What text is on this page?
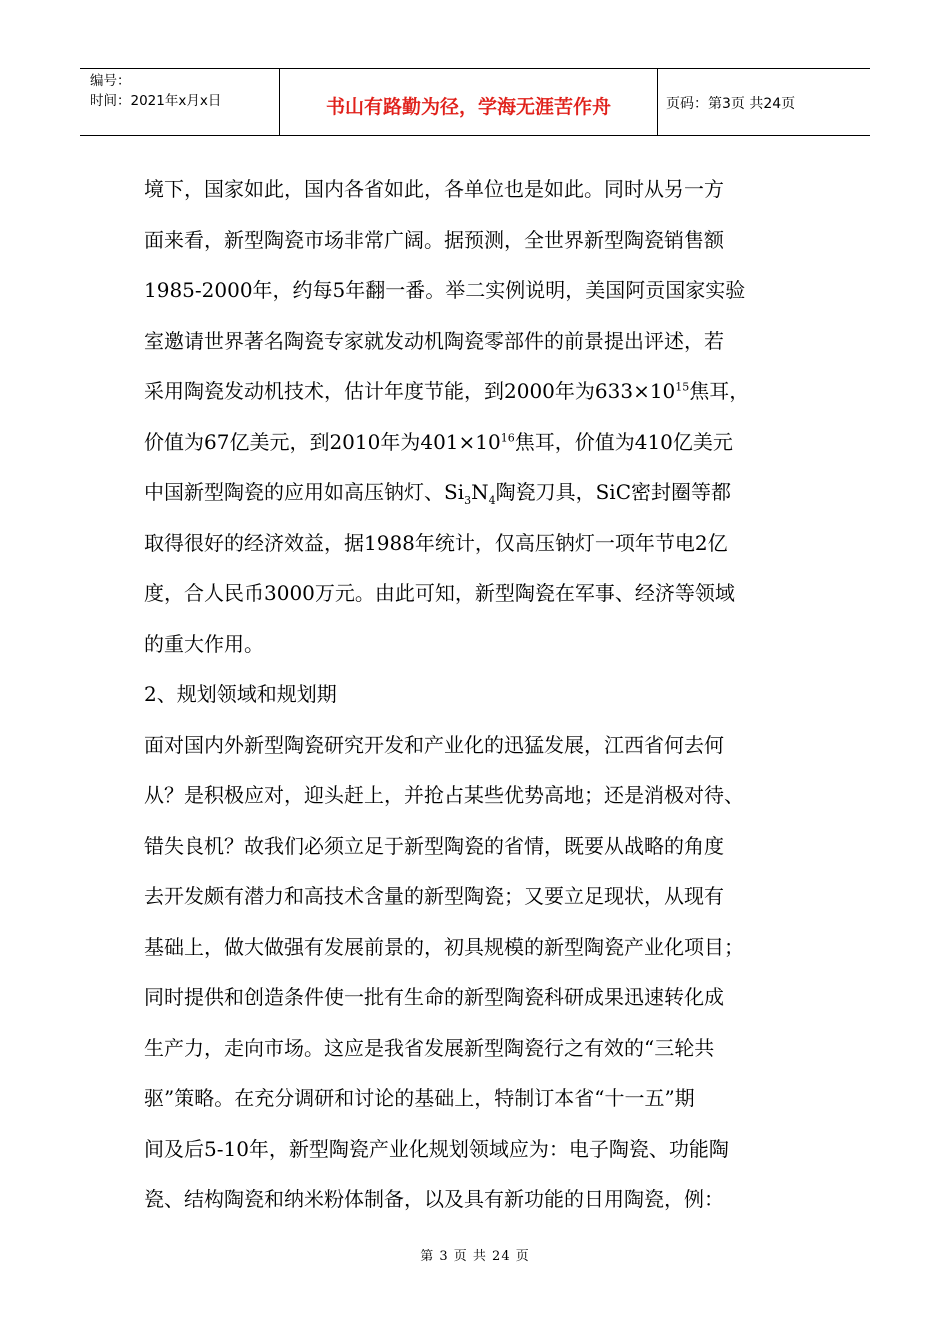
编号：
时间：2021年x月x日	书山有路勤为径，学海无涯苦作舟	页码：第3页 共24页
境下，国家如此，国内各省如此，各单位也是如此。同时从另一方
面来看，新型陶瓷市场非常广阔。据预测，全世界新型陶瓷销售额
1985-2000年，约每5年翻一番。举二实例说明，美国阿贡国家实验
室邀请世界著名陶瓷专家就发动机陶瓷零部件的前景提出评述，若
采用陶瓷发动机技术，估计年度节能，到2000年为$633\times 10^{15}$焦耳，
价值为67亿美元，到2010年为$401\times 10^{16}$焦耳，价值为410亿美元
中国新型陶瓷的应用如高压钠灯、$Si_3N_4$陶瓷刀具，SiC密封圈等都
取得很好的经济效益，据1988年统计，仅高压钠灯一项年节电2亿
度，合人民币3000万元。由此可知，新型陶瓷在军事、经济等领域
的重大作用。
2、规划领域和规划期
面对国内外新型陶瓷研究开发和产业化的迅猛发展，江西省何去何
从？是积极应对，迎头赶上，并抢占某些优势高地；还是消极对待、
错失良机？故我们必须立足于新型陶瓷的省情，既要从战略的角度
去开发颇有潜力和高技术含量的新型陶瓷；又要立足现状，从现有
基础上，做大做强有发展前景的，初具规模的新型陶瓷产业化项目；
同时提供和创造条件使一批有生命的新型陶瓷科研成果迅速转化成
生产力，走向市场。这应是我省发展新型陶瓷行之有效的“三轮共
驱”策略。在充分调研和讨论的基础上，特制订本省“十一五”期
间及后5-10年，新型陶瓷产业化规划领域应为：电子陶瓷、功能陶
瓷、结构陶瓷和纳米粉体制备，以及具有新功能的日用陶瓷，例：
第 3 页 共 24 页
